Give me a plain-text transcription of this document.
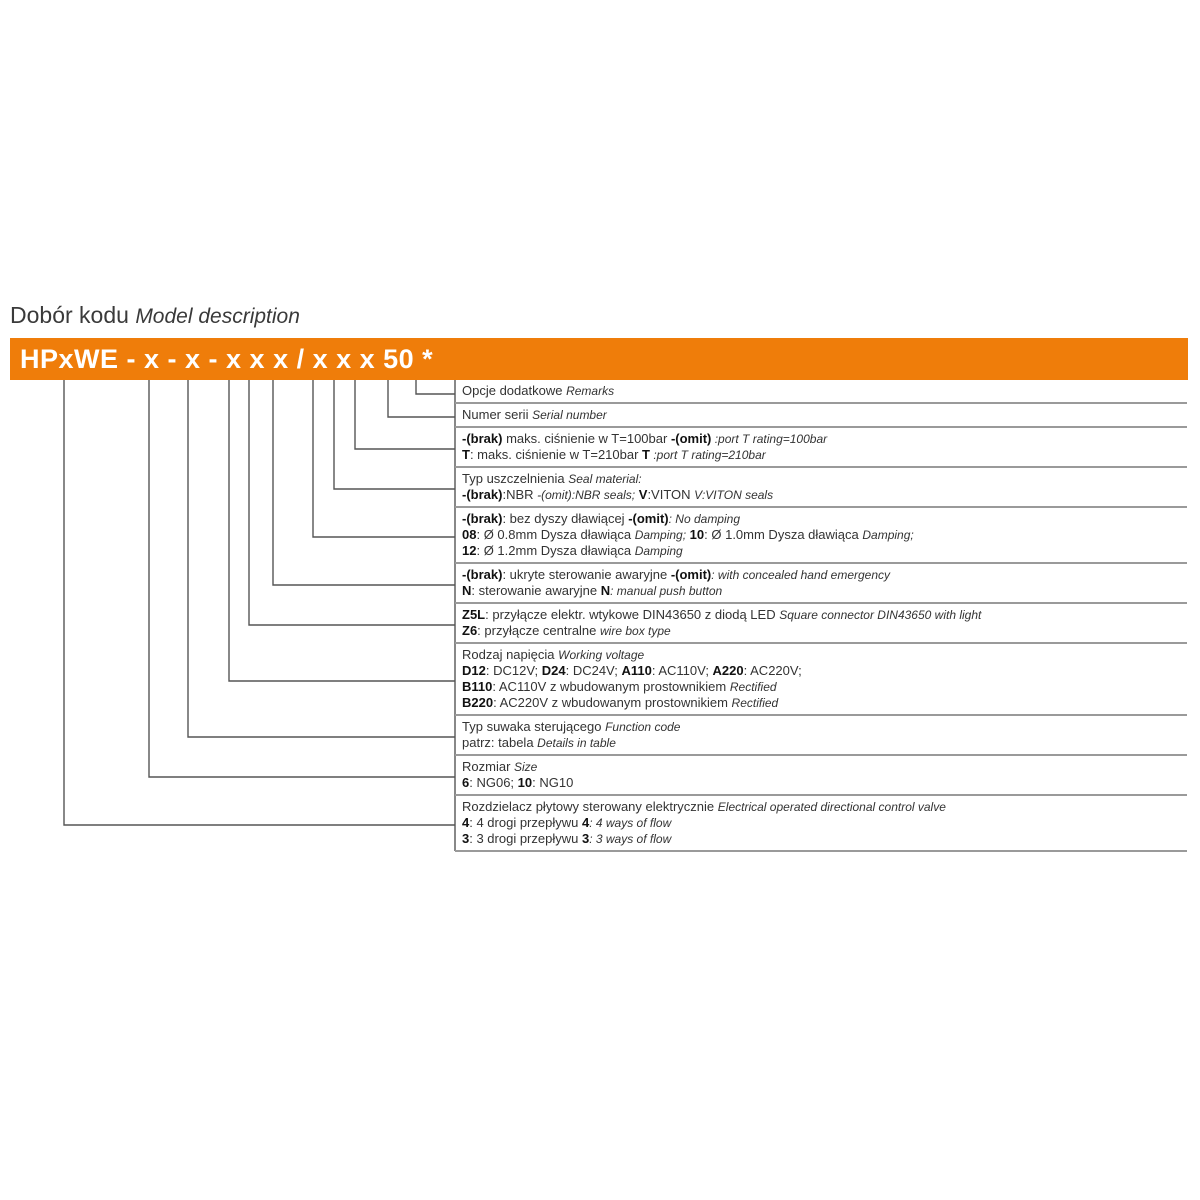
Dobór kodu Model description
HPxWE - x - x - x x x / x x x 50 *
Opcje dodatkowe Remarks

Numer serii Serial number

-(brak) maks. ciśnienie w T=100bar -(omit) :port T rating=100bar
T: maks. ciśnienie w T=210bar T :port T rating=210bar

Typ uszczelnienia Seal material:
-(brak):NBR -(omit):NBR seals; V:VITON V:VITON seals

-(brak): bez dyszy dławiącej -(omit): No damping
08: Ø 0.8mm Dysza dławiąca Damping; 10: Ø 1.0mm Dysza dławiąca Damping;
12: Ø 1.2mm Dysza dławiąca Damping

-(brak): ukryte sterowanie awaryjne -(omit): with concealed hand emergency
N: sterowanie awaryjne N: manual push button

Z5L: przyłącze elektr. wtykowe DIN43650 z diodą LED Square connector DIN43650 with light
Z6: przyłącze centralne wire box type

Rodzaj napięcia Working voltage
D12: DC12V; D24: DC24V; A110: AC110V; A220: AC220V;
B110: AC110V z wbudowanym prostownikiem Rectified
B220: AC220V z wbudowanym prostownikiem Rectified

Typ suwaka sterującego Function code
patrz: tabela Details in table

Rozmiar Size
6: NG06; 10: NG10

Rozdzielacz płytowy sterowany elektrycznie Electrical operated directional control valve
4: 4 drogi przepływu 4: 4 ways of flow
3: 3 drogi przepływu 3: 3 ways of flow
